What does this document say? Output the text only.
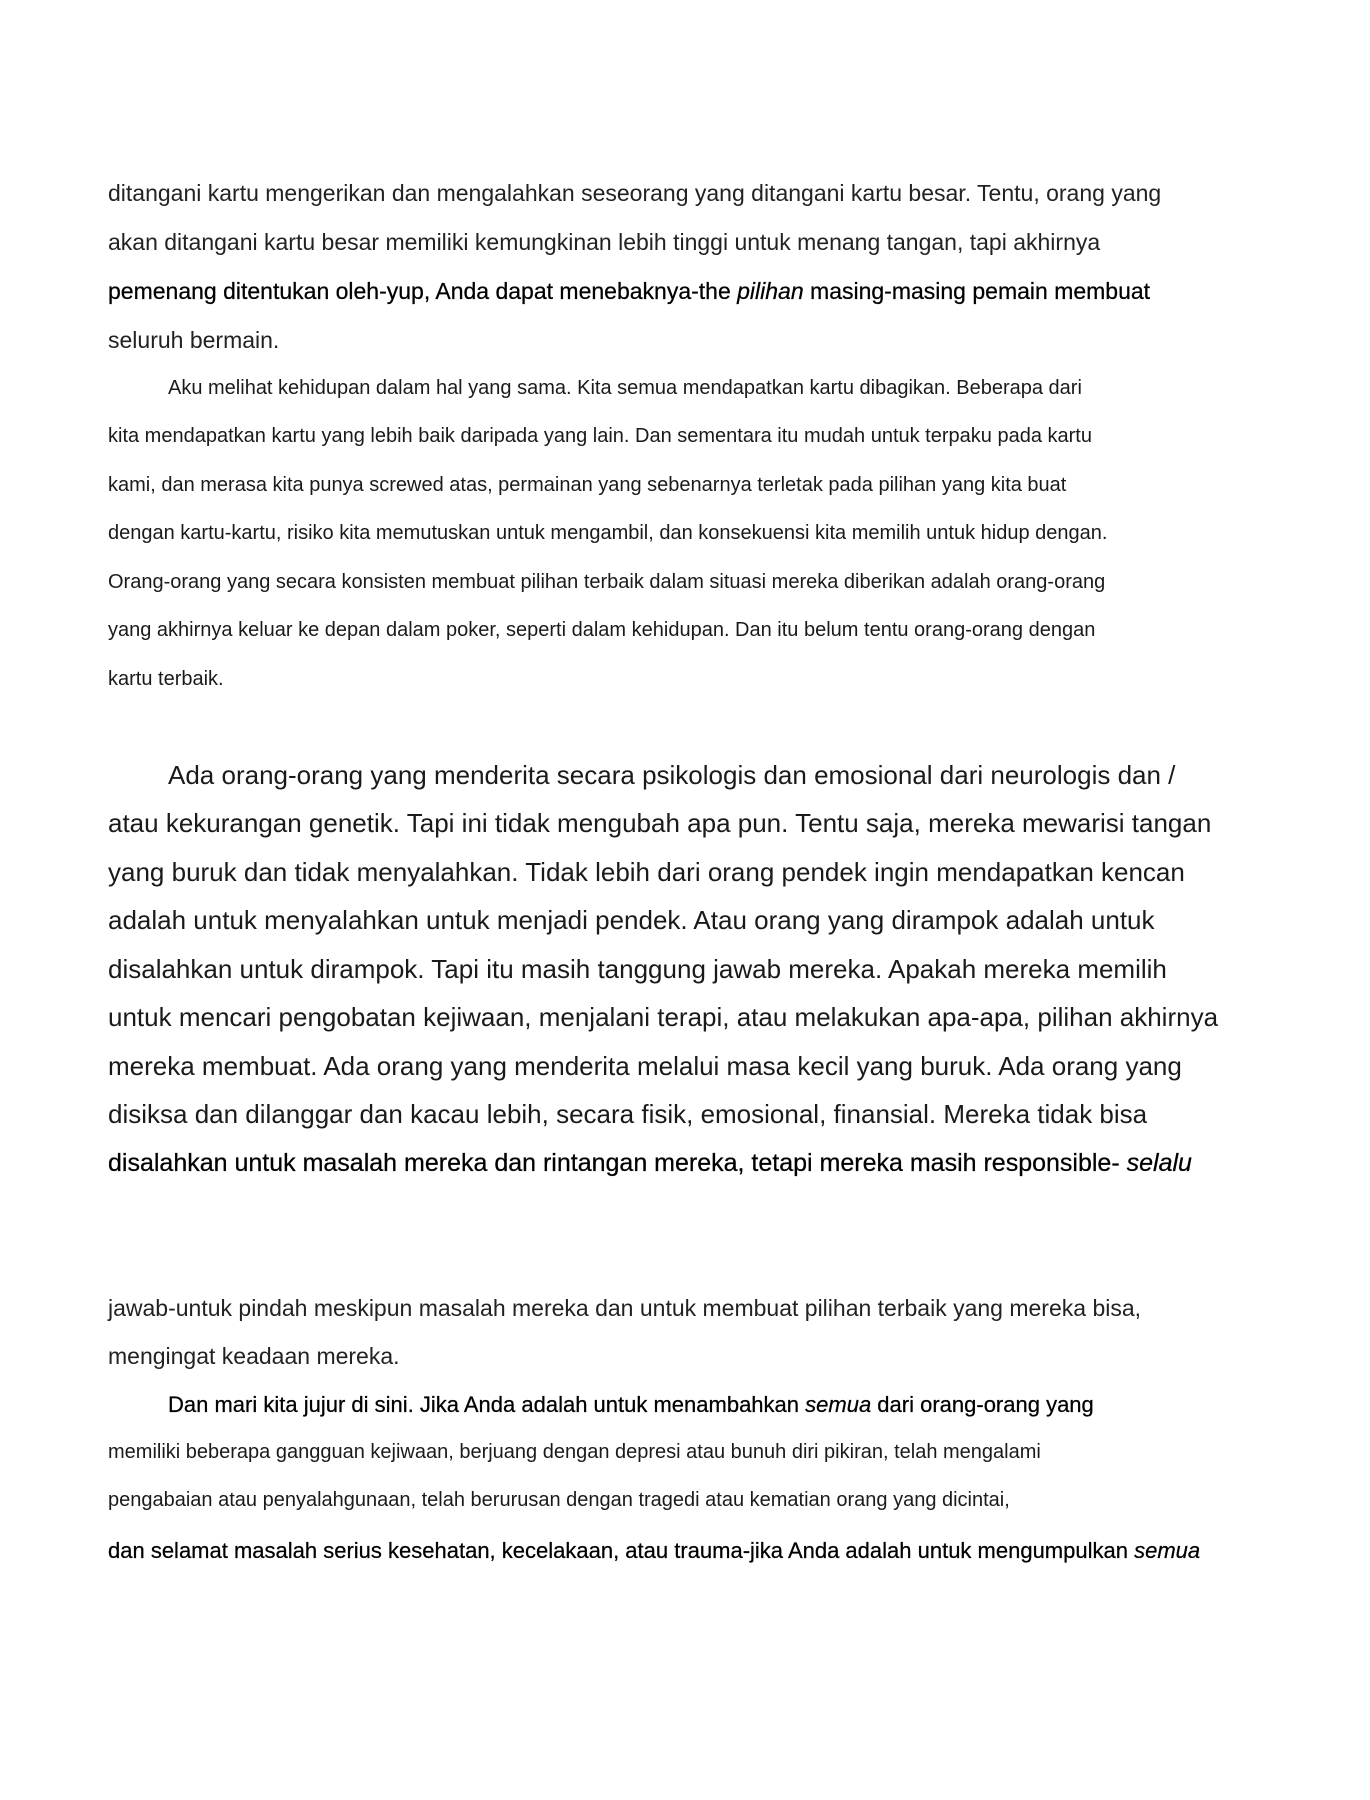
ditangani kartu mengerikan dan mengalahkan seseorang yang ditangani kartu besar. Tentu, orang yang

akan ditangani kartu besar memiliki kemungkinan lebih tinggi untuk menang tangan, tapi akhirnya

pemenang ditentukan oleh-yup, Anda dapat menebaknya-the pilihan masing-masing pemain membuat

seluruh bermain.

Aku melihat kehidupan dalam hal yang sama. Kita semua mendapatkan kartu dibagikan. Beberapa dari

kita mendapatkan kartu yang lebih baik daripada yang lain. Dan sementara itu mudah untuk terpaku pada kartu

kami, dan merasa kita punya screwed atas, permainan yang sebenarnya terletak pada pilihan yang kita buat

dengan kartu-kartu, risiko kita memutuskan untuk mengambil, dan konsekuensi kita memilih untuk hidup dengan.

Orang-orang yang secara konsisten membuat pilihan terbaik dalam situasi mereka diberikan adalah orang-orang

yang akhirnya keluar ke depan dalam poker, seperti dalam kehidupan. Dan itu belum tentu orang-orang dengan

kartu terbaik.

Ada orang-orang yang menderita secara psikologis dan emosional dari neurologis dan /

atau kekurangan genetik. Tapi ini tidak mengubah apa pun. Tentu saja, mereka mewarisi tangan

yang buruk dan tidak menyalahkan. Tidak lebih dari orang pendek ingin mendapatkan kencan

adalah untuk menyalahkan untuk menjadi pendek. Atau orang yang dirampok adalah untuk

disalahkan untuk dirampok. Tapi itu masih tanggung jawab mereka. Apakah mereka memilih

untuk mencari pengobatan kejiwaan, menjalani terapi, atau melakukan apa-apa, pilihan akhirnya

mereka membuat. Ada orang yang menderita melalui masa kecil yang buruk. Ada orang yang

disiksa dan dilanggar dan kacau lebih, secara fisik, emosional, finansial. Mereka tidak bisa

disalahkan untuk masalah mereka dan rintangan mereka, tetapi mereka masih responsible- selalu

jawab-untuk pindah meskipun masalah mereka dan untuk membuat pilihan terbaik yang mereka bisa,

mengingat keadaan mereka.

Dan mari kita jujur di sini. Jika Anda adalah untuk menambahkan semua dari orang-orang yang

memiliki beberapa gangguan kejiwaan, berjuang dengan depresi atau bunuh diri pikiran, telah mengalami

pengabaian atau penyalahgunaan, telah berurusan dengan tragedi atau kematian orang yang dicintai,

dan selamat masalah serius kesehatan, kecelakaan, atau trauma-jika Anda adalah untuk mengumpulkan semua
